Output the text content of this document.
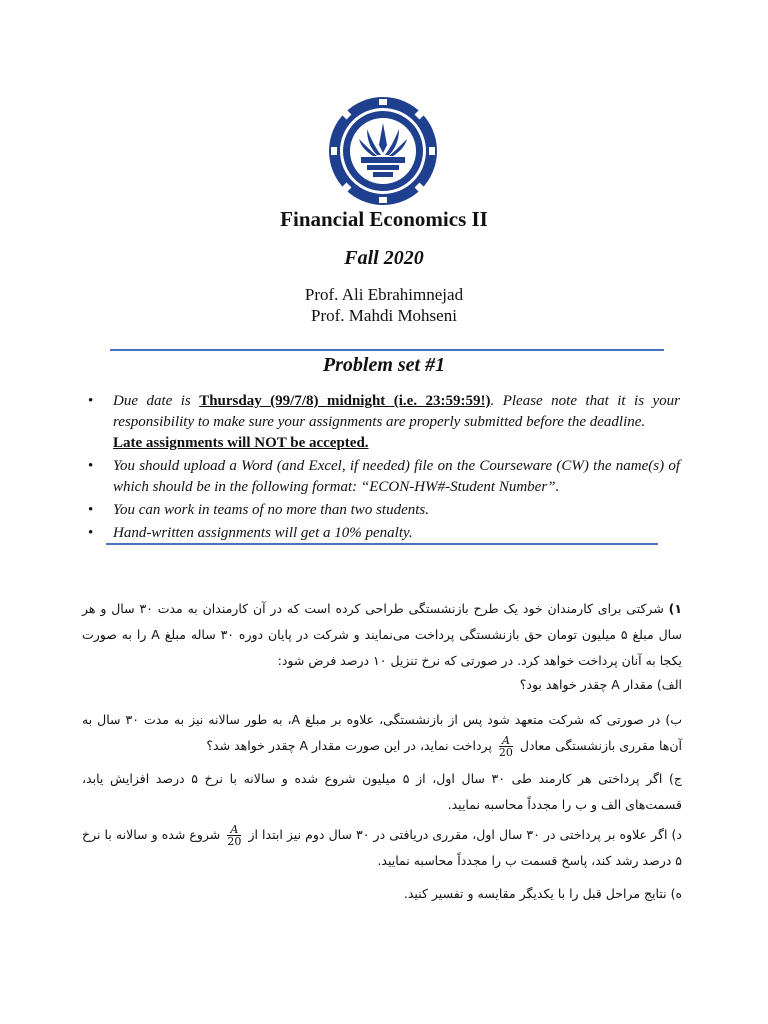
Financial Economics II
Fall 2020
Prof. Ali Ebrahimnejad
Prof. Mahdi Mohseni
Problem set #1
• Due date is Thursday (99/7/8) midnight (i.e. 23:59:59!). Please note that it is your responsibility to make sure your assignments are properly submitted before the deadline.
Late assignments will NOT be accepted.
• You should upload a Word (and Excel, if needed) file on the Courseware (CW) the name(s) of which should be in the following format: “ECON-HW#-Student Number”.
• You can work in teams of no more than two students.
• Hand-written assignments will get a 10% penalty.
۱) شرکتی برای کارمندان خود یک طرح بازنشستگی طراحی کرده است که در آن کارمندان به مدت ۳۰ سال و هر سال مبلغ ۵ میلیون تومان حق بازنشستگی پرداخت می‌نمایند و شرکت در پایان دوره ۳۰ ساله مبلغ A را به صورت یکجا به آنان پرداخت خواهد کرد. در صورتی که نرخ تنزیل ۱۰ درصد فرض شود:
الف) مقدار A چقدر خواهد بود؟
ب) در صورتی که شرکت متعهد شود پس از بازنشستگی، علاوه بر مبلغ A، به طور سالانه نیز به مدت ۳۰ سال به آن‌ها مقرری بازنشستگی معادل
$\frac{A}{20}$
پرداخت نماید، در این صورت مقدار A چقدر خواهد شد؟
ج) اگر پرداختی هر کارمند طی ۳۰ سال اول، از ۵ میلیون شروع شده و سالانه با نرخ ۵ درصد افزایش یابد، قسمت‌های الف و ب را مجدداً محاسبه نمایید.
د) اگر علاوه بر پرداختی در ۳۰ سال اول، مقرری دریافتی در ۳۰ سال دوم نیز ابتدا از
$\frac{A}{20}$
شروع شده و سالانه با نرخ ۵ درصد رشد کند، پاسخ قسمت ب را مجدداً محاسبه نمایید.
ه) نتایج مراحل قبل را با یکدیگر مقایسه و تفسیر کنید.
